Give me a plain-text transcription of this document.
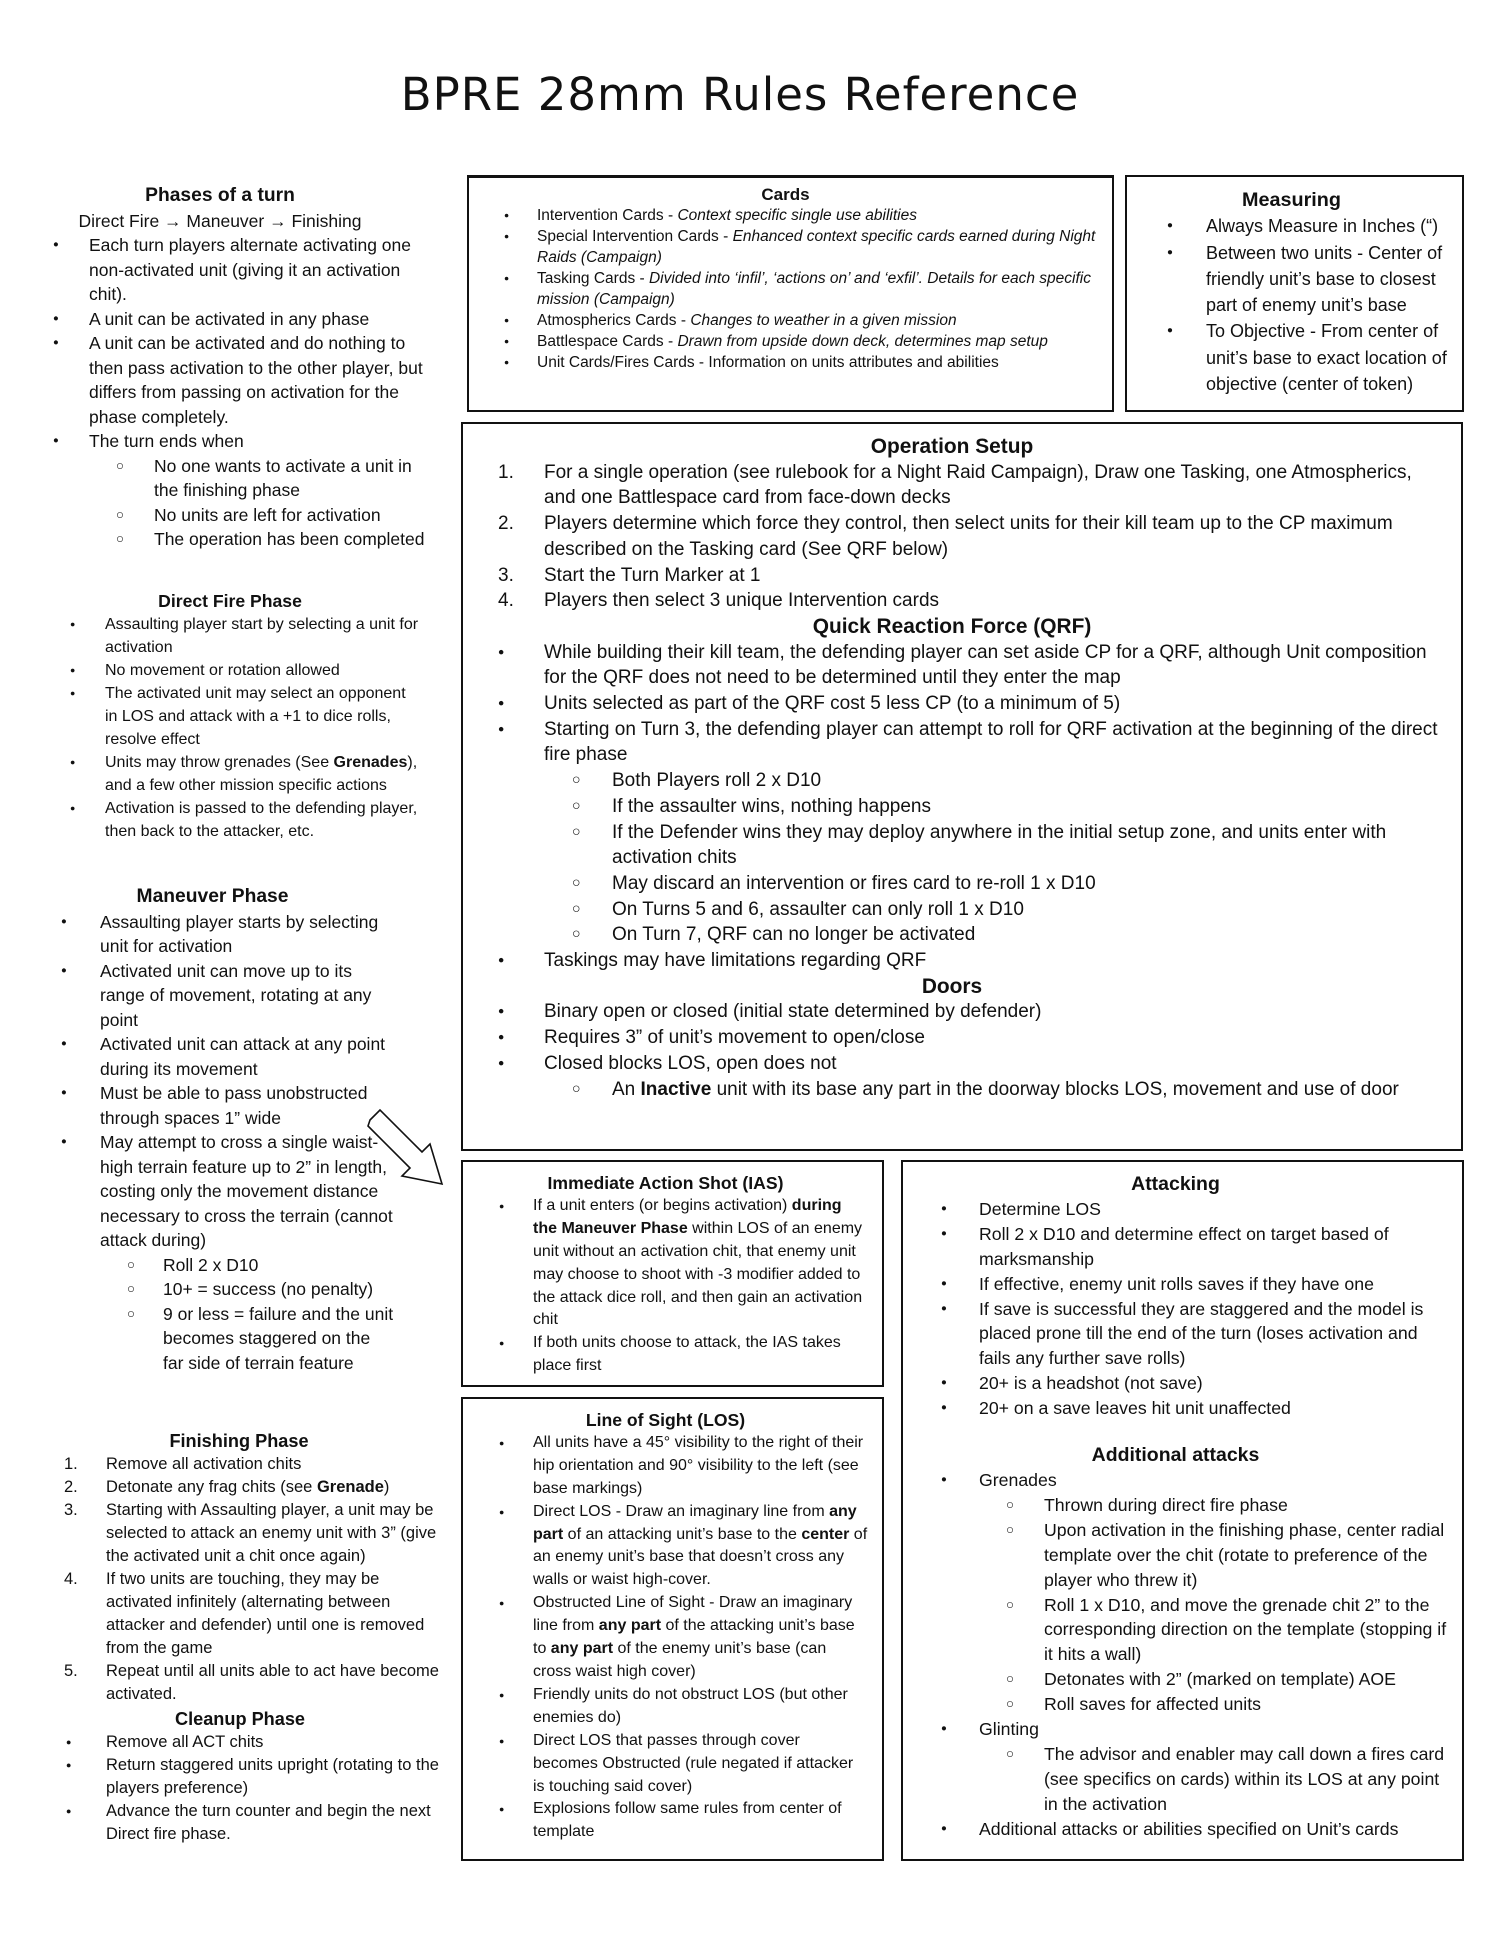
BPRE 28mm Rules Reference
Phases of a turn
Direct Fire → Maneuver → Finishing
● Each turn players alternate activating one non-activated unit (giving it an activation chit).
● A unit can be activated in any phase
● A unit can be activated and do nothing to then pass activation to the other player, but differs from passing on activation for the phase completely.
● The turn ends when
○ No one wants to activate a unit in the finishing phase
○ No units are left for activation
○ The operation has been completed
Direct Fire Phase
● Assaulting player start by selecting a unit for activation
● No movement or rotation allowed
● The activated unit may select an opponent in LOS and attack with a +1 to dice rolls, resolve effect
● Units may throw grenades (See Grenades), and a few other mission specific actions
● Activation is passed to the defending player, then back to the attacker, etc.
Maneuver Phase
● Assaulting player starts by selecting unit for activation
● Activated unit can move up to its range of movement, rotating at any point
● Activated unit can attack at any point during its movement
● Must be able to pass unobstructed through spaces 1” wide
● May attempt to cross a single waist-high terrain feature up to 2” in length, costing only the movement distance necessary to cross the terrain (cannot attack during)
○ Roll 2 x D10
○ 10+ = success (no penalty)
○ 9 or less = failure and the unit becomes staggered on the far side of terrain feature
Finishing Phase
1. Remove all activation chits
2. Detonate any frag chits (see Grenade)
3. Starting with Assaulting player, a unit may be selected to attack an enemy unit with 3” (give the activated unit a chit once again)
4. If two units are touching, they may be activated infinitely (alternating between attacker and defender) until one is removed from the game
5. Repeat until all units able to act have become activated.
Cleanup Phase
● Remove all ACT chits
● Return staggered units upright (rotating to the players preference)
● Advance the turn counter and begin the next Direct fire phase.
Cards
● Intervention Cards - Context specific single use abilities
● Special Intervention Cards - Enhanced context specific cards earned during Night Raids (Campaign)
● Tasking Cards - Divided into ‘infil’, ‘actions on’ and ‘exfil’. Details for each specific mission (Campaign)
● Atmospherics Cards - Changes to weather in a given mission
● Battlespace Cards - Drawn from upside down deck, determines map setup
● Unit Cards/Fires Cards - Information on units attributes and abilities
Measuring
● Always Measure in Inches (“)
● Between two units - Center of friendly unit’s base to closest part of enemy unit’s base
● To Objective - From center of unit’s base to exact location of objective (center of token)
Operation Setup
1. For a single operation (see rulebook for a Night Raid Campaign), Draw one Tasking, one Atmospherics, and one Battlespace card from face-down decks
2. Players determine which force they control, then select units for their kill team up to the CP maximum described on the Tasking card (See QRF below)
3. Start the Turn Marker at 1
4. Players then select 3 unique Intervention cards
Quick Reaction Force (QRF)
● While building their kill team, the defending player can set aside CP for a QRF, although Unit composition for the QRF does not need to be determined until they enter the map
● Units selected as part of the QRF cost 5 less CP (to a minimum of 5)
● Starting on Turn 3, the defending player can attempt to roll for QRF activation at the beginning of the direct fire phase
○ Both Players roll 2 x D10
○ If the assaulter wins, nothing happens
○ If the Defender wins they may deploy anywhere in the initial setup zone, and units enter with activation chits
○ May discard an intervention or fires card to re-roll 1 x D10
○ On Turns 5 and 6, assaulter can only roll 1 x D10
○ On Turn 7, QRF can no longer be activated
● Taskings may have limitations regarding QRF
Doors
● Binary open or closed (initial state determined by defender)
● Requires 3” of unit’s movement to open/close
● Closed blocks LOS, open does not
○ An Inactive unit with its base any part in the doorway blocks LOS, movement and use of door
Immediate Action Shot (IAS)
● If a unit enters (or begins activation) during the Maneuver Phase within LOS of an enemy unit without an activation chit, that enemy unit may choose to shoot with -3 modifier added to the attack dice roll, and then gain an activation chit
● If both units choose to attack, the IAS takes place first
Line of Sight (LOS)
● All units have a 45° visibility to the right of their hip orientation and 90° visibility to the left (see base markings)
● Direct LOS - Draw an imaginary line from any part of an attacking unit’s base to the center of an enemy unit’s base that doesn’t cross any walls or waist high-cover.
● Obstructed Line of Sight - Draw an imaginary line from any part of the attacking unit’s base to any part of the enemy unit’s base (can cross waist high cover)
● Friendly units do not obstruct LOS (but other enemies do)
● Direct LOS that passes through cover becomes Obstructed (rule negated if attacker is touching said cover)
● Explosions follow same rules from center of template
Attacking
● Determine LOS
● Roll 2 x D10 and determine effect on target based of marksmanship
● If effective, enemy unit rolls saves if they have one
● If save is successful they are staggered and the model is placed prone till the end of the turn (loses activation and fails any further save rolls)
● 20+ is a headshot (not save)
● 20+ on a save leaves hit unit unaffected
Additional attacks
● Grenades
○ Thrown during direct fire phase
○ Upon activation in the finishing phase, center radial template over the chit (rotate to preference of the player who threw it)
○ Roll 1 x D10, and move the grenade chit 2” to the corresponding direction on the template (stopping if it hits a wall)
○ Detonates with 2” (marked on template) AOE
○ Roll saves for affected units
● Glinting
○ The advisor and enabler may call down a fires card (see specifics on cards) within its LOS at any point in the activation
● Additional attacks or abilities specified on Unit’s cards
